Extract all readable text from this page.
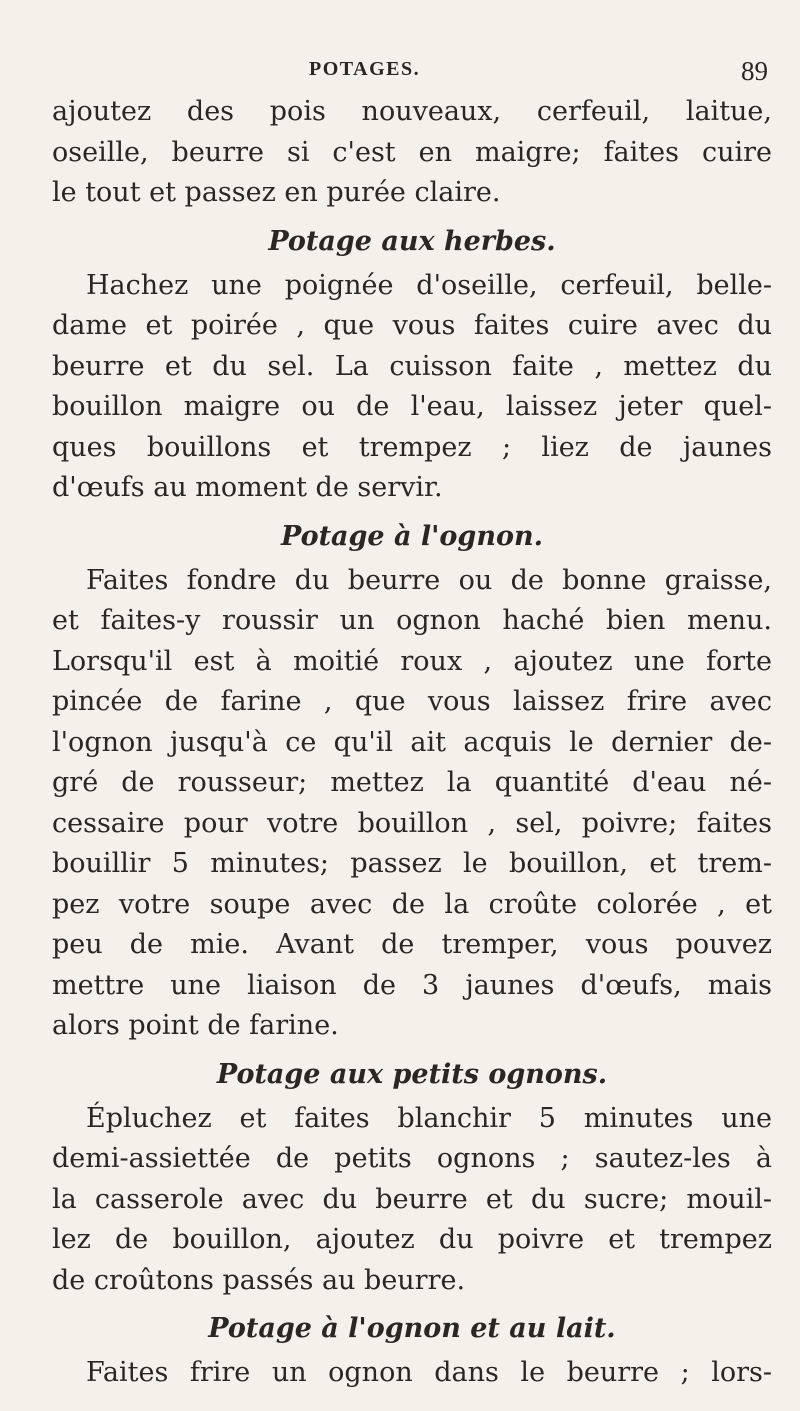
POTAGES.	89

ajoutez des pois nouveaux, cerfeuil, laitue,
oseille, beurre si c'est en maigre; faites cuire
le tout et passez en purée claire.

Potage aux herbes.

Hachez une poignée d'oseille, cerfeuil, belle-
dame et poirée , que vous faites cuire avec du
beurre et du sel. La cuisson faite , mettez du
bouillon maigre ou de l'eau, laissez jeter quel-
ques bouillons et trempez ; liez de jaunes
d'œufs au moment de servir.

Potage à l'ognon.

Faites fondre du beurre ou de bonne graisse,
et faites-y roussir un ognon haché bien menu.
Lorsqu'il est à moitié roux , ajoutez une forte
pincée de farine , que vous laissez frire avec
l'ognon jusqu'à ce qu'il ait acquis le dernier de-
gré de rousseur; mettez la quantité d'eau né-
cessaire pour votre bouillon , sel, poivre; faites
bouillir 5 minutes; passez le bouillon, et trem-
pez votre soupe avec de la croûte colorée , et
peu de mie. Avant de tremper, vous pouvez
mettre une liaison de 3 jaunes d'œufs, mais
alors point de farine.

Potage aux petits ognons.

Épluchez et faites blanchir 5 minutes une
demi-assiettée de petits ognons ; sautez-les à
la casserole avec du beurre et du sucre; mouil-
lez de bouillon, ajoutez du poivre et trempez
de croûtons passés au beurre.

Potage à l'ognon et au lait.

Faites frire un ognon dans le beurre ; lors-
